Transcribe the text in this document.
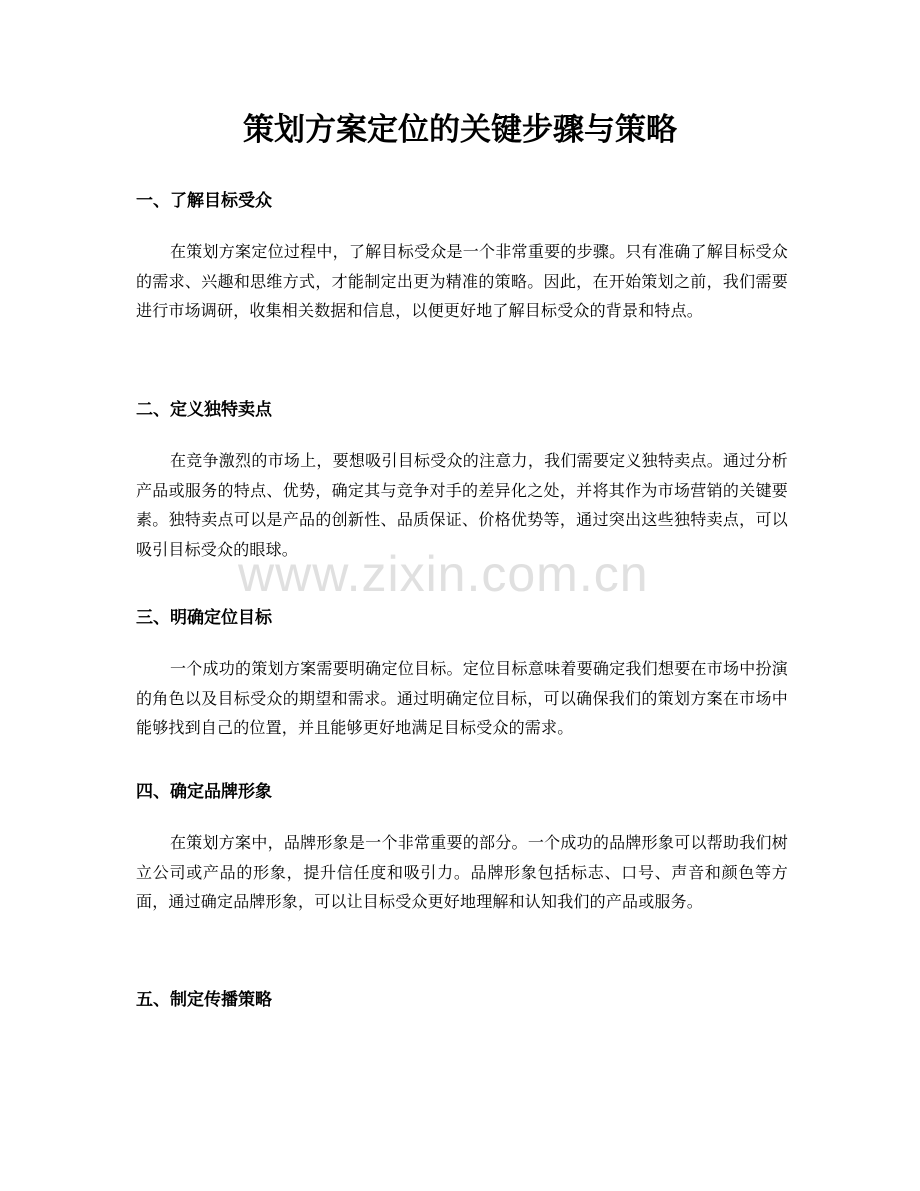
策划方案定位的关键步骤与策略
一、了解目标受众

在策划方案定位过程中，了解目标受众是一个非常重要的步骤。只有准确了解目标受众的需求、兴趣和思维方式，才能制定出更为精准的策略。因此，在开始策划之前，我们需要进行市场调研，收集相关数据和信息，以便更好地了解目标受众的背景和特点。

二、定义独特卖点

在竞争激烈的市场上，要想吸引目标受众的注意力，我们需要定义独特卖点。通过分析产品或服务的特点、优势，确定其与竞争对手的差异化之处，并将其作为市场营销的关键要素。独特卖点可以是产品的创新性、品质保证、价格优势等，通过突出这些独特卖点，可以吸引目标受众的眼球。

三、明确定位目标

一个成功的策划方案需要明确定位目标。定位目标意味着要确定我们想要在市场中扮演的角色以及目标受众的期望和需求。通过明确定位目标，可以确保我们的策划方案在市场中能够找到自己的位置，并且能够更好地满足目标受众的需求。

四、确定品牌形象

在策划方案中，品牌形象是一个非常重要的部分。一个成功的品牌形象可以帮助我们树立公司或产品的形象，提升信任度和吸引力。品牌形象包括标志、口号、声音和颜色等方面，通过确定品牌形象，可以让目标受众更好地理解和认知我们的产品或服务。

五、制定传播策略
www.zixin.com.cn
